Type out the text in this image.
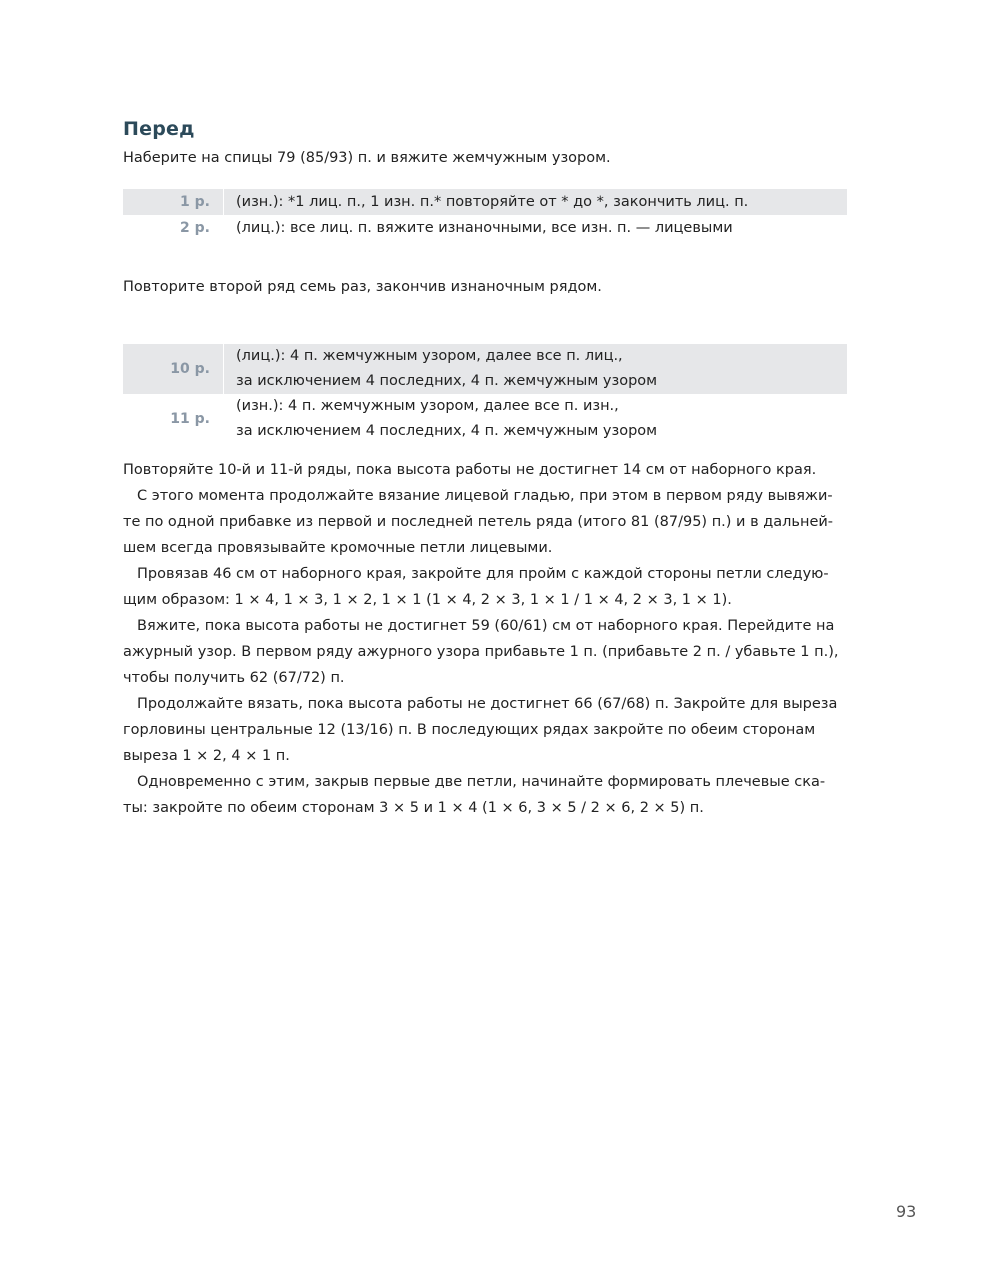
Перед
Наберите на спицы 79 (85/93) п. и вяжите жемчужным узором.
1 р.	(изн.): *1 лиц. п., 1 изн. п.* повторяйте от * до *, закончить лиц. п.
2 р.	(лиц.): все лиц. п. вяжите изнаночными, все изн. п. — лицевыми
Повторите второй ряд семь раз, закончив изнаночным рядом.
10 р.
(лиц.): 4 п. жемчужным узором, далее все п. лиц.,
за исключением 4 последних, 4 п. жемчужным узором
11 р.
(изн.): 4 п. жемчужным узором, далее все п. изн.,
за исключением 4 последних, 4 п. жемчужным узором
Повторяйте 10-й и 11-й ряды, пока высота работы не достигнет 14 см от наборного края.
С этого момента продолжайте вязание лицевой гладью, при этом в первом ряду вывяжи-
те по одной прибавке из первой и последней петель ряда (итого 81 (87/95) п.) и в дальней-
шем всегда провязывайте кромочные петли лицевыми.
Провязав 46 см от наборного края, закройте для пройм с каждой стороны петли следую-
щим образом: 1 × 4, 1 × 3, 1 × 2, 1 × 1 (1 × 4, 2 × 3, 1 × 1 / 1 × 4, 2 × 3, 1 × 1).
Вяжите, пока высота работы не достигнет 59 (60/61) см от наборного края. Перейдите на
ажурный узор. В первом ряду ажурного узора прибавьте 1 п. (прибавьте 2 п. / убавьте 1 п.),
чтобы получить 62 (67/72) п.
Продолжайте вязать, пока высота работы не достигнет 66 (67/68) п. Закройте для выреза
горловины центральные 12 (13/16) п. В последующих рядах закройте по обеим сторонам
выреза 1 × 2, 4 × 1 п.
Одновременно с этим, закрыв первые две петли, начинайте формировать плечевые ска-
ты: закройте по обеим сторонам 3 × 5 и 1 × 4 (1 × 6, 3 × 5 / 2 × 6, 2 × 5) п.
93
